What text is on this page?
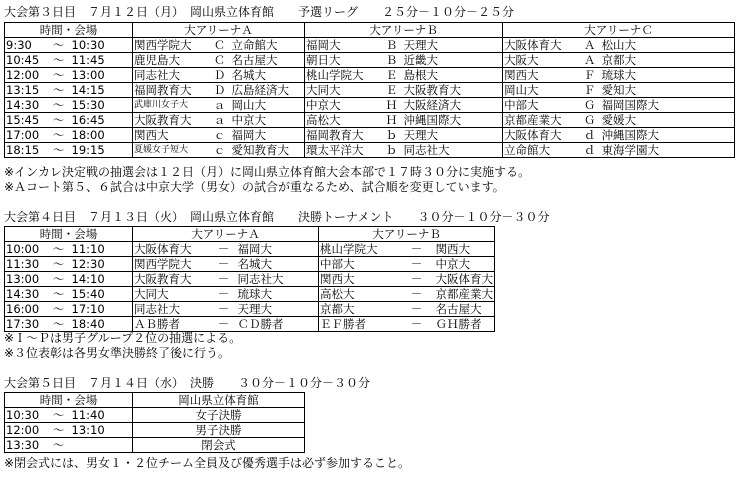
大会第３日目　７月１２日（月）　岡山県立体育館　　予選リーグ　　２５分－１０分－２５分
時間・会場			大アリーナＡ			大アリーナＢ			大アリーナＣ		
9:30	～	10:30	関西学院大	Ｃ	立命館大	福岡大	Ｂ	天理大	大阪体育大	Ａ	松山大
10:45	～	11:45	鹿児島大	Ｃ	名古屋大	朝日大	Ｂ	近畿大	大阪大	Ａ	京都大
12:00	～	13:00	同志社大	Ｄ	名城大	桃山学院大	Ｅ	島根大	関西大	Ｆ	琉球大
13:15	～	14:15	福岡教育大	Ｄ	広島経済大	大同大	Ｅ	大阪教育大	岡山大	Ｆ	愛知大
14:30	～	15:30	武庫川女子大	ａ	岡山大	中京大	Ｈ	大阪経済大	中部大	Ｇ	福岡国際大
15:45	～	16:45	大阪教育大	ａ	中京大	高松大	Ｈ	沖縄国際大	京都産業大	Ｇ	愛媛大
17:00	～	18:00	関西大	ｃ	福岡大	福岡教育大	ｂ	天理大	大阪体育大	ｄ	沖縄国際大
18:15	～	19:15	夏媛女子短大	ｃ	愛知教育大	環太平洋大	ｂ	同志社大	立命館大	ｄ	東海学園大
※インカレ決定戦の抽選会は１２日（月）に岡山県立体育館大会本部で１７時３０分に実施する。
※Ａコート第５、６試合は中京大学（男女）の試合が重なるため、試合順を変更しています。
大会第４日目　７月１３日（火）　岡山県立体育館　　決勝トーナメント　　３０分－１０分－３０分
時間・会場			大アリーナＡ			大アリーナＢ		
10:00	～	11:10	大阪体育大	－	福岡大	桃山学院大	－	関西大
11:30	～	12:30	関西学院大	－	名城大	中部大	－	中京大
13:00	～	14:10	大阪教育大	－	同志社大	関西大	－	大阪体育大
14:30	～	15:40	大同大	－	琉球大	高松大	－	京都産業大
16:00	～	17:10	同志社大	－	天理大	京都大	－	名古屋大
17:30	～	18:40	ＡＢ勝者	－	ＣＤ勝者	ＥＦ勝者	－	ＧＨ勝者
※Ｉ～Ｐは男子グループ２位の抽選による。
※３位表彰は各男女準決勝終了後に行う。
大会第５日目　７月１４日（水）　決勝　　３０分－１０分－３０分
時間・会場			岡山県立体育館
10:30	～	11:40	女子決勝
12:00	～	13:10	男子決勝
13:30	～		閉会式
※閉会式には、男女１・２位チーム全員及び優秀選手は必ず参加すること。
